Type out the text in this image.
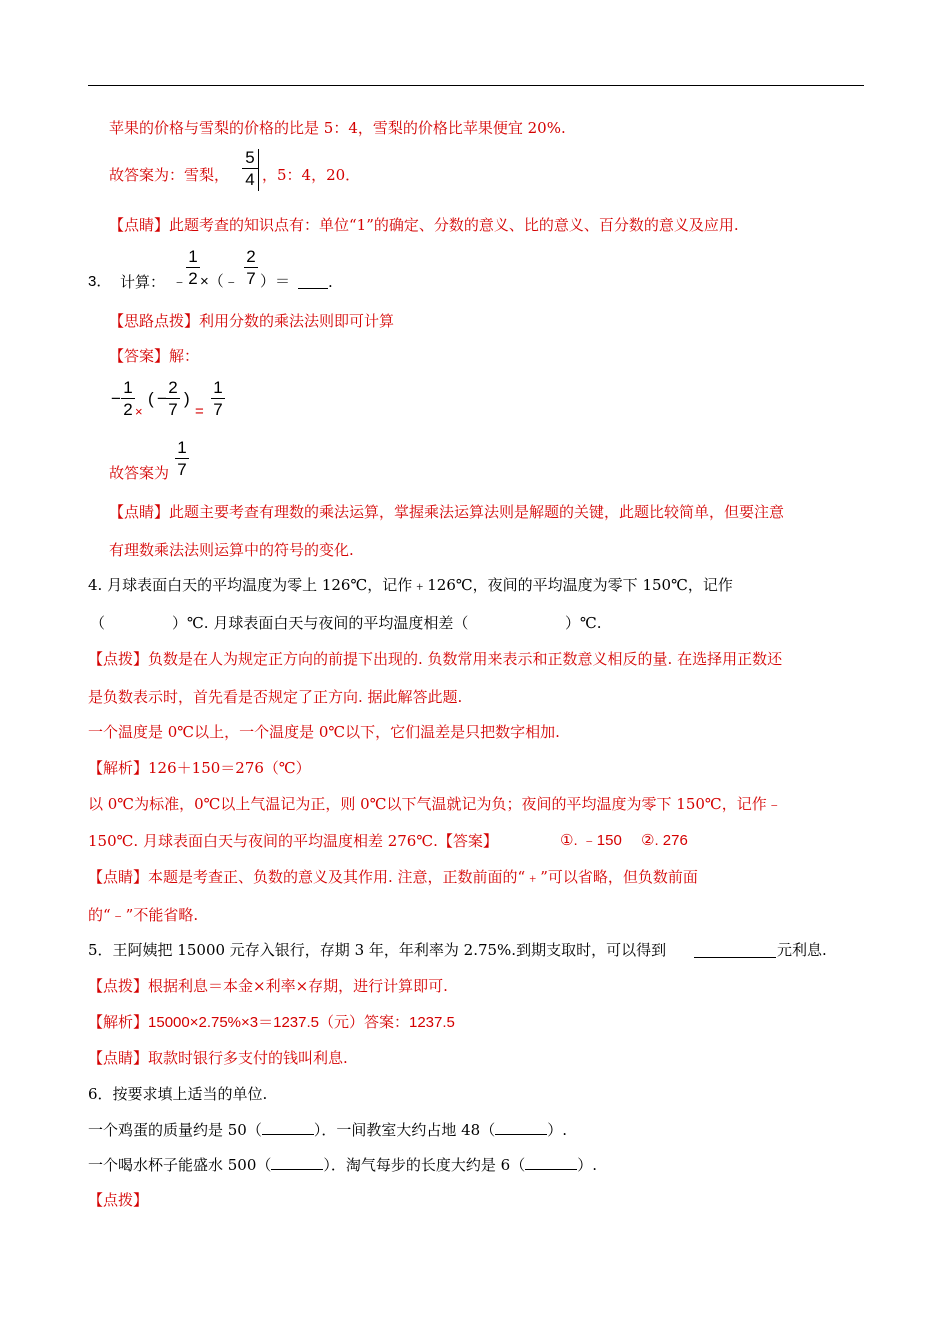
苹果的价格与雪梨的价格的比是 5：4，雪梨的价格比苹果便宜 20%.
故答案为：雪梨，
5
4 ，5：4，20．
【点睛】此题考查的知识点有：单位“1”的确定、分数的意义、比的意义、百分数的意义及应用.
3． 计算： ﹣
1
2 ×（﹣
2
7 ）＝	.
【思路点拨】利用分数的乘法法则即可计算
【答案】解：
−
1
2 ×
( −
2
7
)
=
1
7
故答案为
1
7
【点睛】此题主要考查有理数的乘法运算，掌握乘法运算法则是解题的关键，此题比较简单，但要注意
有理数乘法法则运算中的符号的变化.
4. 月球表面白天的平均温度为零上 126℃，记作﹢126℃，夜间的平均温度为零下 150℃，记作
（	）℃. 月球表面白天与夜间的平均温度相差（	）℃.
【点拨】负数是在人为规定正方向的前提下出现的. 负数常用来表示和正数意义相反的量. 在选择用正数还
是负数表示时，首先看是否规定了正方向. 据此解答此题.
一个温度是 0℃以上，一个温度是 0℃以下，它们温差是只把数字相加.
【解析】126＋150＝276（℃）
以 0℃为标准，0℃以上气温记为正，则 0℃以下气温就记为负；夜间的平均温度为零下 150℃，记作﹣
150℃. 月球表面白天与夜间的平均温度相差 276℃.【答案】	①. ﹣150 ②. 276
【点睛】本题是考查正、负数的意义及其作用. 注意，正数前面的“﹢”可以省略，但负数前面
的“﹣”不能省略.
5．王阿姨把 15000 元存入银行，存期 3 年，年利率为 2.75%.到期支取时，可以得到	元利息.
【点拨】根据利息＝本金×利率×存期，进行计算即可.
【解析】15000×2.75%×3＝1237.5（元）答案：1237.5
【点睛】取款时银行多支付的钱叫利息.
6．按要求填上适当的单位.
一个鸡蛋的质量约是 50（	）．一间教室大约占地 48（	）.
一个喝水杯子能盛水 500（	）．淘气每步的长度大约是 6（	）.
【点拨】
